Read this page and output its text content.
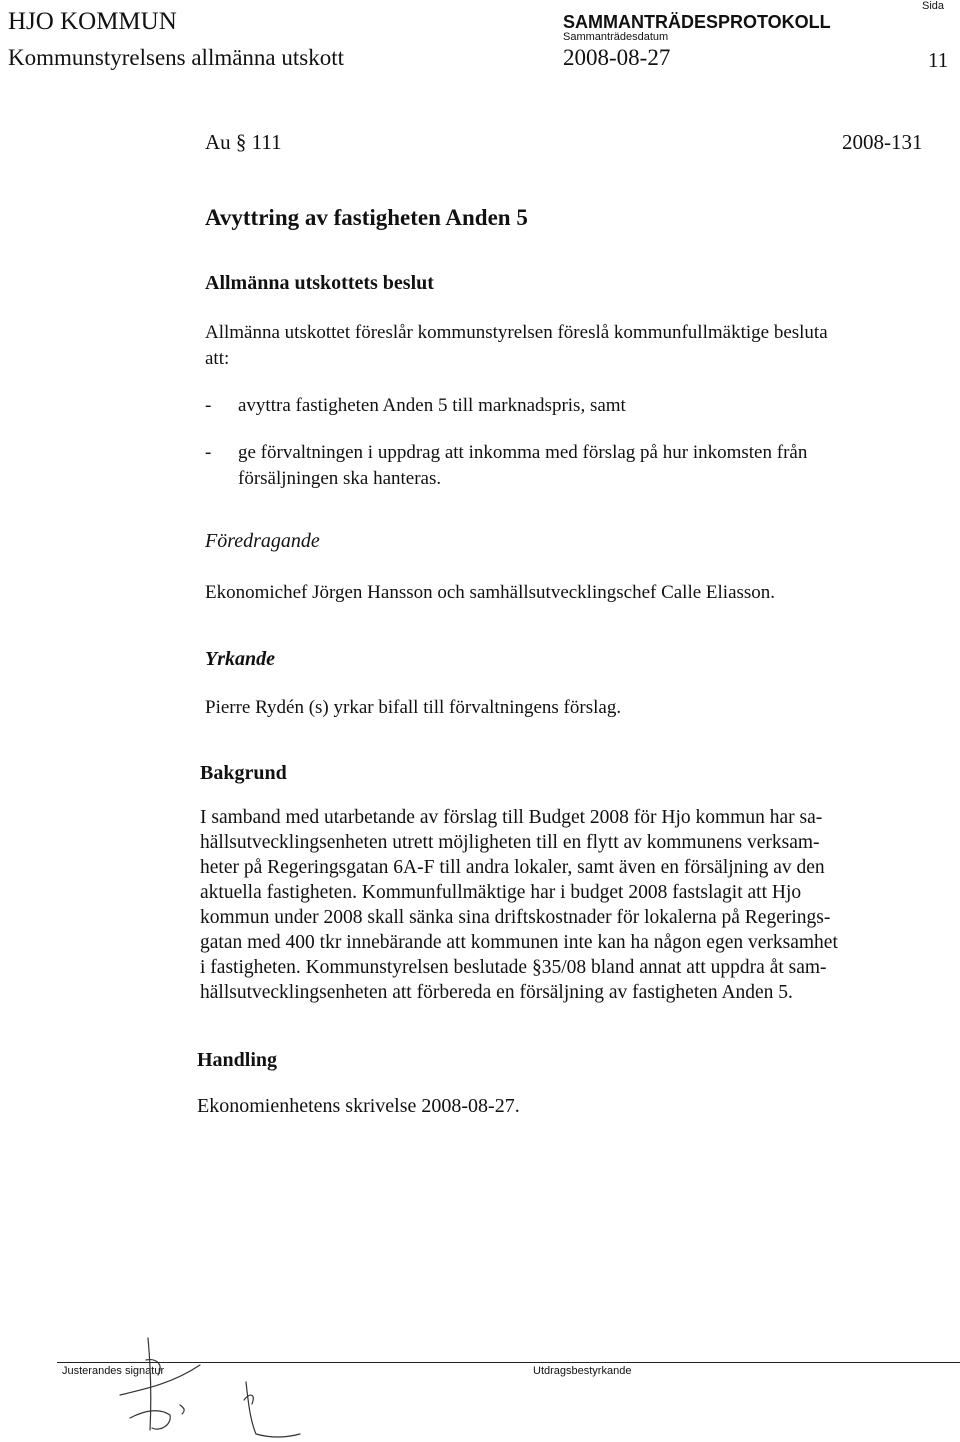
HJO KOMMUN
Kommunstyrelsens allmänna utskott
SAMMANTRÄDESPROTOKOLL
Sammanträdesdatum
2008-08-27
Sida
11
Au § 111	2008-131
Avyttring av fastigheten Anden 5
Allmänna utskottets beslut
Allmänna utskottet föreslår kommunstyrelsen föreslå kommunfullmäktige besluta
att:
- avyttra fastigheten Anden 5 till marknadspris, samt
- ge förvaltningen i uppdrag att inkomma med förslag på hur inkomsten från
försäljningen ska hanteras.
Föredragande
Ekonomichef Jörgen Hansson och samhällsutvecklingschef Calle Eliasson.
Yrkande
Pierre Rydén (s) yrkar bifall till förvaltningens förslag.
Bakgrund
I samband med utarbetande av förslag till Budget 2008 för Hjo kommun har sa-
hällsutvecklingsenheten utrett möjligheten till en flytt av kommunens verksam-
heter på Regeringsgatan 6A-F till andra lokaler, samt även en försäljning av den
aktuella fastigheten. Kommunfullmäktige har i budget 2008 fastslagit att Hjo
kommun under 2008 skall sänka sina driftskostnader för lokalerna på Regerings-
gatan med 400 tkr innebärande att kommunen inte kan ha någon egen verksamhet
i fastigheten. Kommunstyrelsen beslutade §35/08 bland annat att uppdra åt sam-
hällsutvecklingsenheten att förbereda en försäljning av fastigheten Anden 5.
Handling
Ekonomienhetens skrivelse 2008-08-27.
Justerandes signatur	Utdragsbestyrkande
